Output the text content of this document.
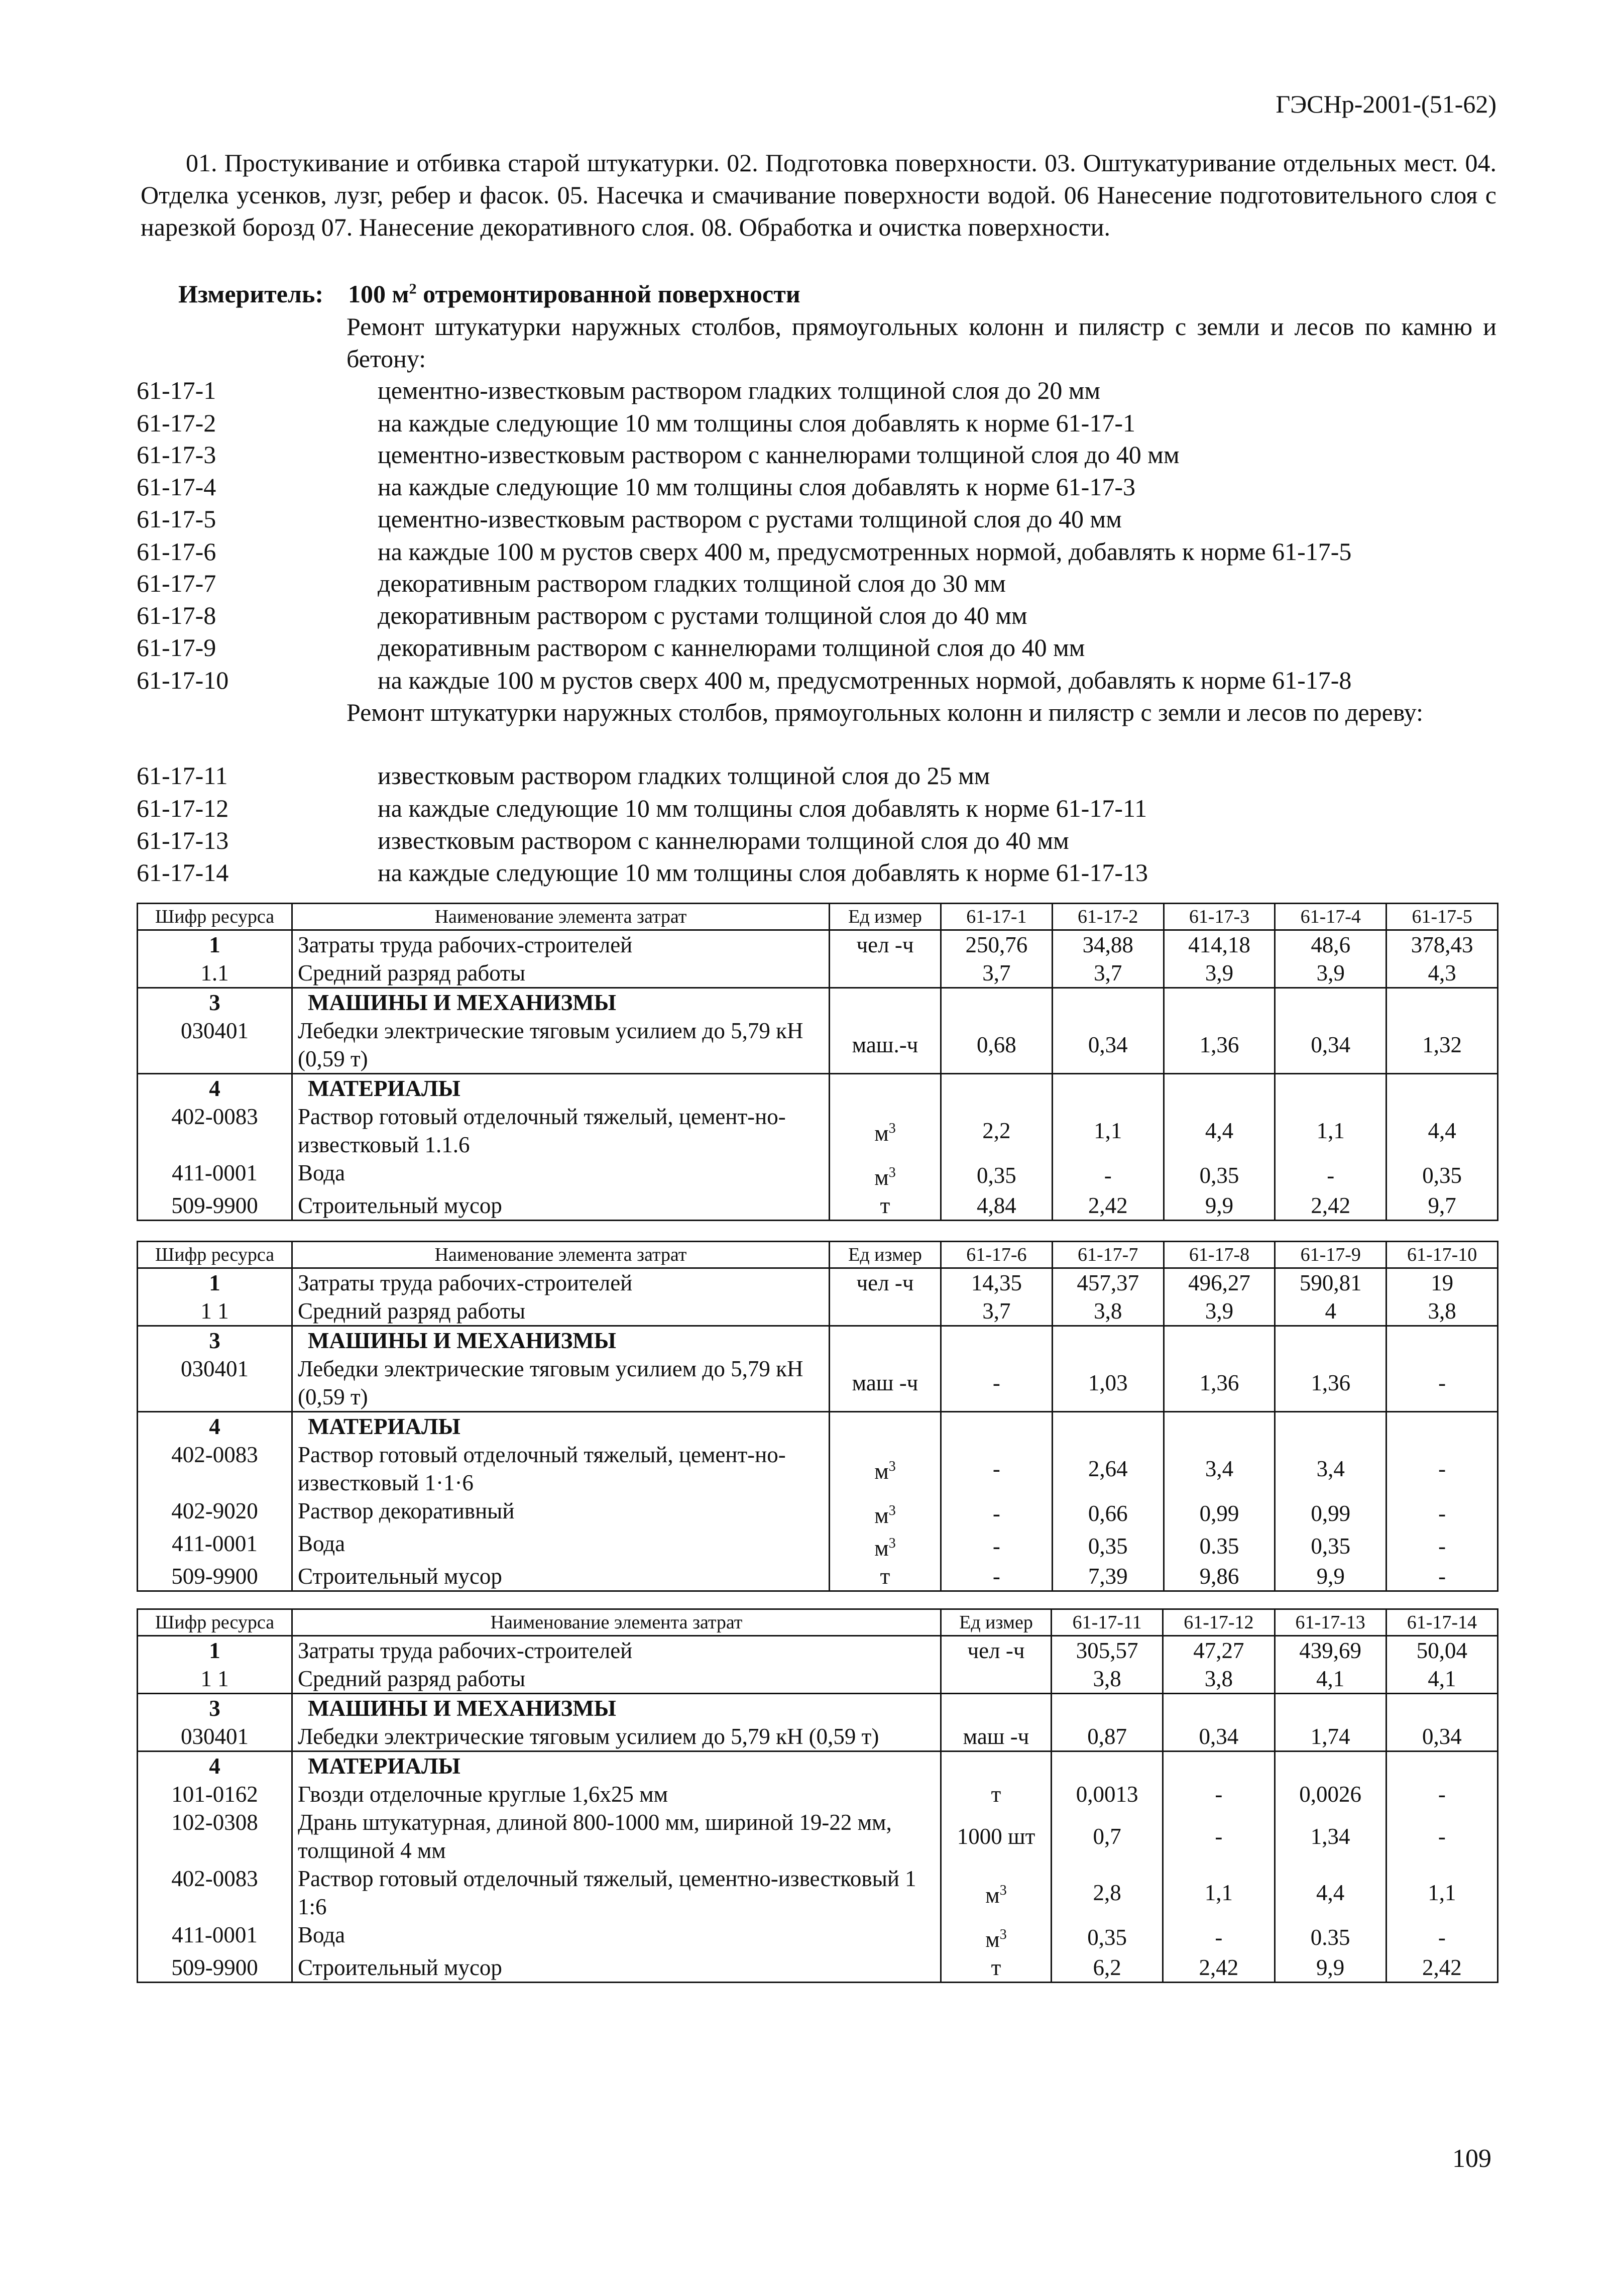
ГЭСНр-2001-(51-62)

01. Простукивание и отбивка старой штукатурки. 02. Подготовка поверхности. 03. Оштукатуривание отдельных мест. 04. Отделка усенков, лузг, ребер и фасок. 05. Насечка и смачивание поверхности водой. 06 Нанесение подготовительного слоя с нарезкой борозд 07. Нанесение декоративного слоя. 08. Обработка и очистка поверхности.

Измеритель: 100 $м^2$ отремонтированной поверхности

Ремонт штукатурки наружных столбов, прямоугольных колонн и пилястр с земли и лесов по камню и бетону:

Ремонт штукатурки наружных столбов, прямоугольных колонн и пилястр с земли и лесов по дереву:

61-17-1	цементно-известковым раствором гладких толщиной слоя до 20 мм
61-17-2	на каждые следующие 10 мм толщины слоя добавлять к норме 61-17-1
61-17-3	цементно-известковым раствором с каннелюрами толщиной слоя до 40 мм
61-17-4	на каждые следующие 10 мм толщины слоя добавлять к норме 61-17-3
61-17-5	цементно-известковым раствором с рустами толщиной слоя до 40 мм
61-17-6	на каждые 100 м рустов сверх 400 м, предусмотренных нормой, добавлять к норме 61-17-5
61-17-7	декоративным раствором гладких толщиной слоя до 30 мм
61-17-8	декоративным раствором с рустами толщиной слоя до 40 мм
61-17-9	декоративным раствором с каннелюрами толщиной слоя до 40 мм
61-17-10	на каждые 100 м рустов сверх 400 м, предусмотренных нормой, добавлять к норме 61-17-8
61-17-11	известковым раствором гладких толщиной слоя до 25 мм
61-17-12	на каждые следующие 10 мм толщины слоя добавлять к норме 61-17-11
61-17-13	известковым раствором с каннелюрами толщиной слоя до 40 мм
61-17-14	на каждые следующие 10 мм толщины слоя добавлять к норме 61-17-13
Шифр ресурса	Наименование элемента затрат	Ед измер	61-17-1	61-17-2	61-17-3	61-17-4	61-17-5
1	Затраты труда рабочих-строителей	чел -ч	250,76	34,88	414,18	48,6	378,43
1.1	Средний разряд работы		3,7	3,7	3,9	3,9	4,3
3	МАШИНЫ И МЕХАНИЗМЫ						
030401	Лебедки электрические тяговым усилием до 5,79 кН (0,59 т)	маш.-ч	0,68	0,34	1,36	0,34	1,32
4	МАТЕРИАЛЫ						
402-0083	Раствор готовый отделочный тяжелый, цемент-но-известковый 1.1.6	$м^3$	2,2	1,1	4,4	1,1	4,4
411-0001	Вода	$м^3$	0,35	-	0,35	-	0,35
509-9900	Строительный мусор	т	4,84	2,42	9,9	2,42	9,7
Шифр ресурса	Наименование элемента затрат	Ед измер	61-17-6	61-17-7	61-17-8	61-17-9	61-17-10
1	Затраты труда рабочих-строителей	чел -ч	14,35	457,37	496,27	590,81	19
1 1	Средний разряд работы		3,7	3,8	3,9	4	3,8
3	МАШИНЫ И МЕХАНИЗМЫ						
030401	Лебедки электрические тяговым усилием до 5,79 кН (0,59 т)	маш -ч	-	1,03	1,36	1,36	-
4	МАТЕРИАЛЫ						
402-0083	Раствор готовый отделочный тяжелый, цемент-но-известковый 1·1·6	$м^3$	-	2,64	3,4	3,4	-
402-9020	Раствор декоративный	$м^3$	-	0,66	0,99	0,99	-
411-0001	Вода	$м^3$	-	0,35	0.35	0,35	-
509-9900	Строительный мусор	т	-	7,39	9,86	9,9	-
Шифр ресурса	Наименование элемента затрат	Ед измер	61-17-11	61-17-12	61-17-13	61-17-14
1	Затраты труда рабочих-строителей	чел -ч	305,57	47,27	439,69	50,04
1 1	Средний разряд работы		3,8	3,8	4,1	4,1
3	МАШИНЫ И МЕХАНИЗМЫ					
030401	Лебедки электрические тяговым усилием до 5,79 кН (0,59 т)	маш -ч	0,87	0,34	1,74	0,34
4	МАТЕРИАЛЫ					
101-0162	Гвозди отделочные круглые 1,6х25 мм	т	0,0013	-	0,0026	-
102-0308	Дрань штукатурная, длиной 800-1000 мм, шириной 19-22 мм, толщиной 4 мм	1000 шт	0,7	-	1,34	-
402-0083	Раствор готовый отделочный тяжелый, цементно-известковый 1 1:6	$м^3$	2,8	1,1	4,4	1,1
411-0001	Вода	$м^3$	0,35	-	0.35	-
509-9900	Строительный мусор	т	6,2	2,42	9,9	2,42
109
